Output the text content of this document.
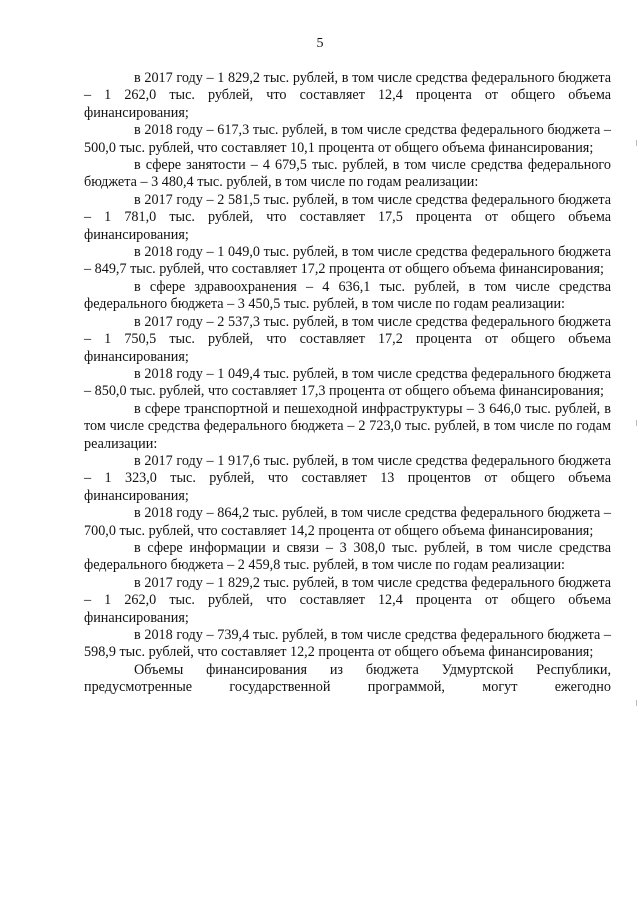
5

в 2017 году – 1 829,2 тыс. рублей, в том числе средства федерального бюджета – 1 262,0 тыс. рублей, что составляет 12,4 процента от общего объема финансирования;

в 2018 году – 617,3 тыс. рублей, в том числе средства федерального бюджета – 500,0 тыс. рублей, что составляет 10,1 процента от общего объема финансирования;

в сфере занятости – 4 679,5 тыс. рублей, в том числе средства федерального бюджета – 3 480,4 тыс. рублей, в том числе по годам реализации:

в 2017 году – 2 581,5 тыс. рублей, в том числе средства федерального бюджета – 1 781,0 тыс. рублей, что составляет 17,5 процента от общего объема финансирования;

в 2018 году – 1 049,0 тыс. рублей, в том числе средства федерального бюджета – 849,7 тыс. рублей, что составляет 17,2 процента от общего объема финансирования;

в сфере здравоохранения – 4 636,1 тыс. рублей, в том числе средства федерального бюджета – 3 450,5 тыс. рублей, в том числе по годам реализации:

в 2017 году – 2 537,3 тыс. рублей, в том числе средства федерального бюджета – 1 750,5 тыс. рублей, что составляет 17,2 процента от общего объема финансирования;

в 2018 году – 1 049,4 тыс. рублей, в том числе средства федерального бюджета – 850,0 тыс. рублей, что составляет 17,3 процента от общего объема финансирования;

в сфере транспортной и пешеходной инфраструктуры – 3 646,0 тыс. рублей, в том числе средства федерального бюджета – 2 723,0 тыс. рублей, в том числе по годам реализации:

в 2017 году – 1 917,6 тыс. рублей, в том числе средства федерального бюджета – 1 323,0 тыс. рублей, что составляет 13 процентов от общего объема финансирования;

в 2018 году – 864,2 тыс. рублей, в том числе средства федерального бюджета – 700,0 тыс. рублей, что составляет 14,2 процента от общего объема финансирования;

в сфере информации и связи – 3 308,0 тыс. рублей, в том числе средства федерального бюджета – 2 459,8 тыс. рублей, в том числе по годам реализации:

в 2017 году – 1 829,2 тыс. рублей, в том числе средства федерального бюджета – 1 262,0 тыс. рублей, что составляет 12,4 процента от общего объема финансирования;

в 2018 году – 739,4 тыс. рублей, в том числе средства федерального бюджета – 598,9 тыс. рублей, что составляет 12,2 процента от общего объема финансирования;

Объемы финансирования из бюджета Удмуртской Республики, предусмотренные государственной программой, могут ежегодно
